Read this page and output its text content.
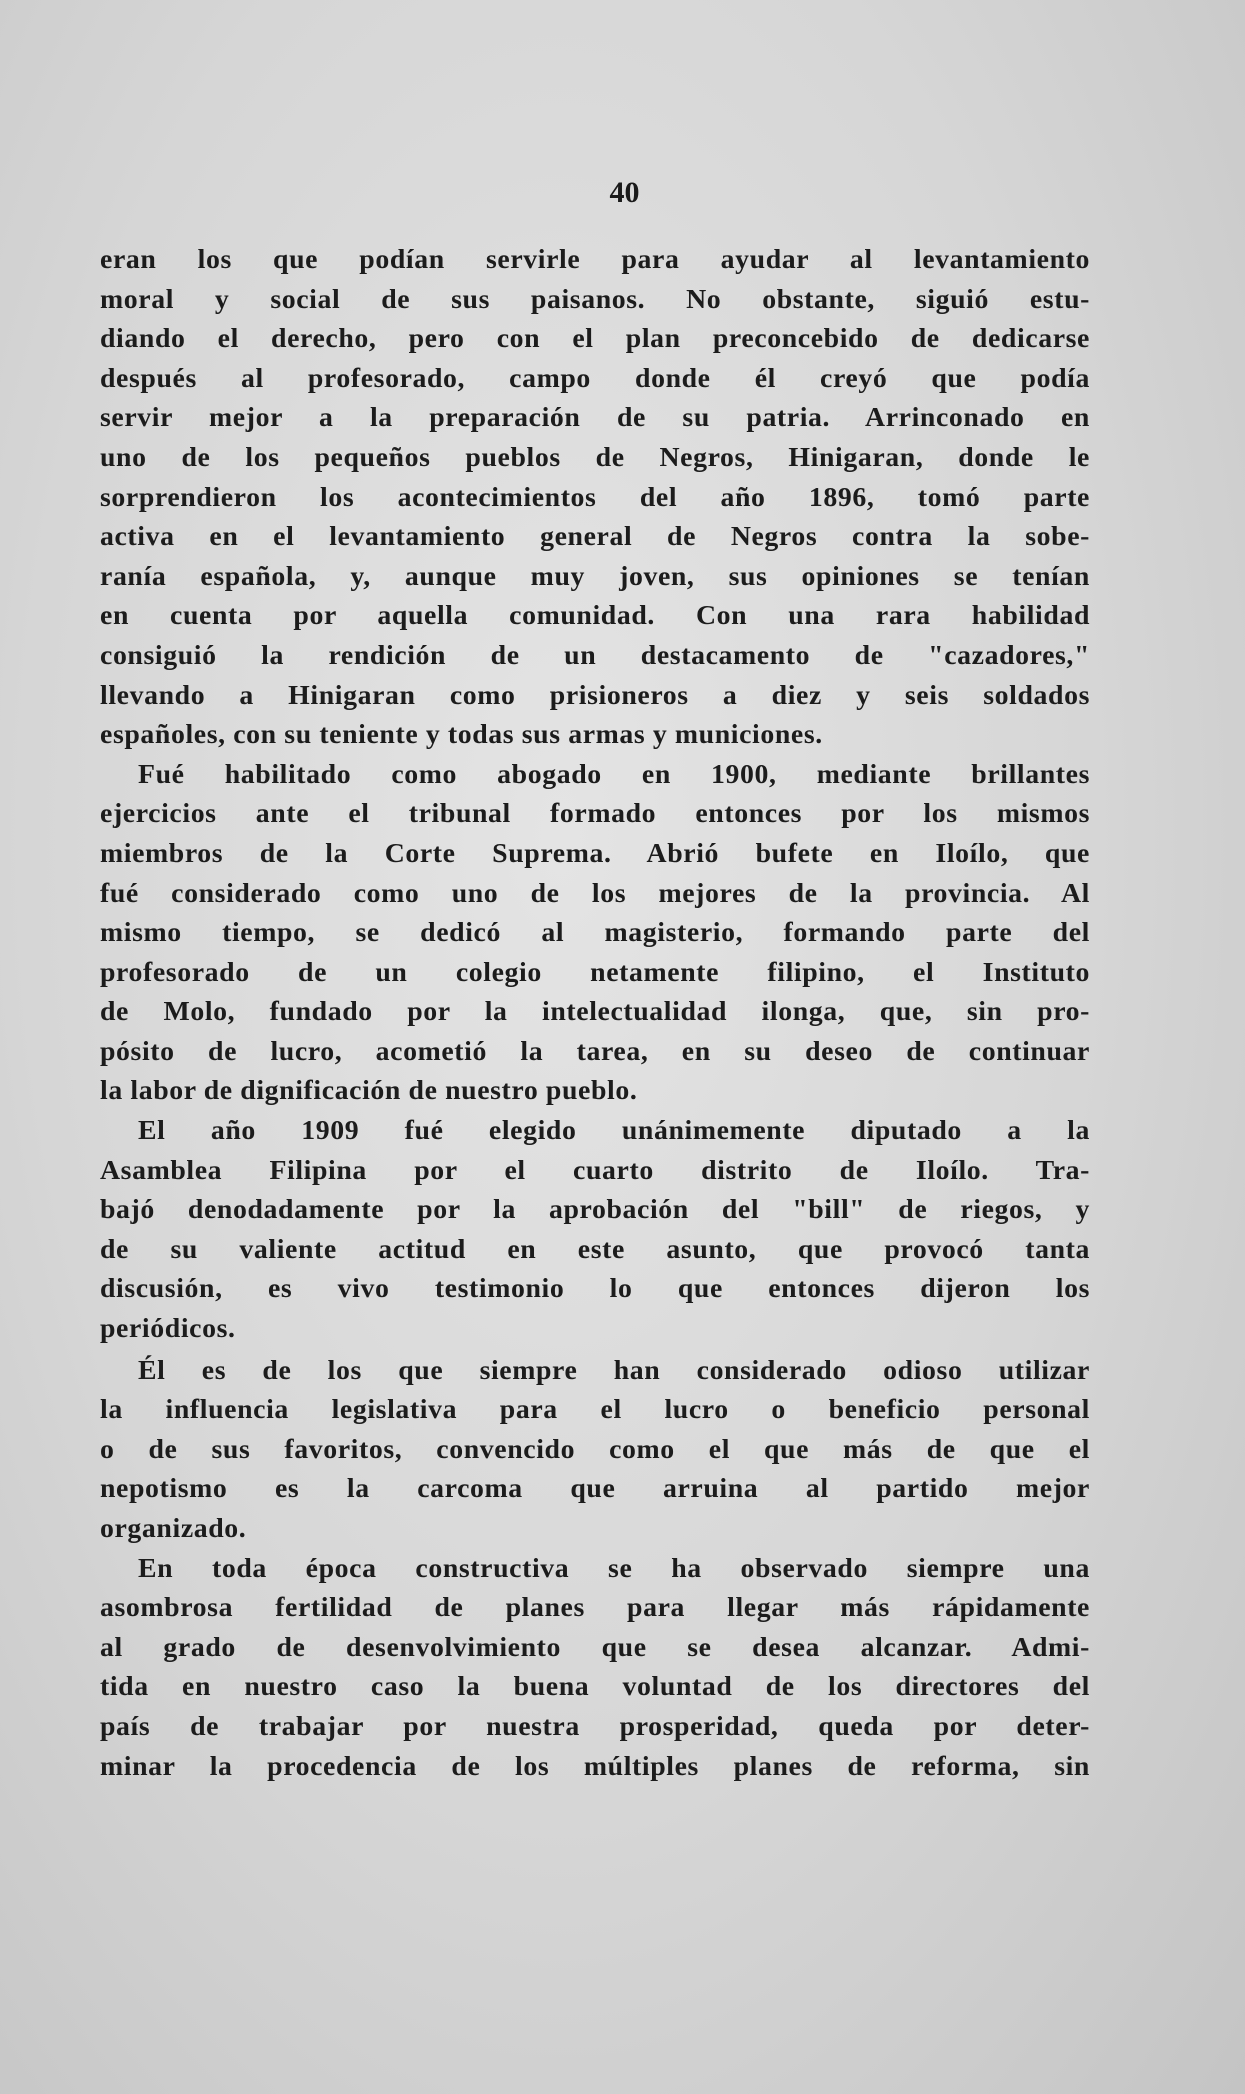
40

eran los que podían servirle para ayudar al levantamiento
moral y social de sus paisanos. No obstante, siguió estu-
diando el derecho, pero con el plan preconcebido de dedicarse
después al profesorado, campo donde él creyó que podía
servir mejor a la preparación de su patria. Arrinconado en
uno de los pequeños pueblos de Negros, Hinigaran, donde le
sorprendieron los acontecimientos del año 1896, tomó parte
activa en el levantamiento general de Negros contra la sobe-
ranía española, y, aunque muy joven, sus opiniones se tenían
en cuenta por aquella comunidad. Con una rara habilidad
consiguió la rendición de un destacamento de "cazadores,"
llevando a Hinigaran como prisioneros a diez y seis soldados
españoles, con su teniente y todas sus armas y municiones.

Fué habilitado como abogado en 1900, mediante brillantes
ejercicios ante el tribunal formado entonces por los mismos
miembros de la Corte Suprema. Abrió bufete en Iloílo, que
fué considerado como uno de los mejores de la provincia. Al
mismo tiempo, se dedicó al magisterio, formando parte del
profesorado de un colegio netamente filipino, el Instituto
de Molo, fundado por la intelectualidad ilonga, que, sin pro-
pósito de lucro, acometió la tarea, en su deseo de continuar
la labor de dignificación de nuestro pueblo.

El año 1909 fué elegido unánimemente diputado a la
Asamblea Filipina por el cuarto distrito de Iloílo. Tra-
bajó denodadamente por la aprobación del "bill" de riegos, y
de su valiente actitud en este asunto, que provocó tanta
discusión, es vivo testimonio lo que entonces dijeron los
periódicos.

Él es de los que siempre han considerado odioso utilizar
la influencia legislativa para el lucro o beneficio personal
o de sus favoritos, convencido como el que más de que el
nepotismo es la carcoma que arruina al partido mejor
organizado.

En toda época constructiva se ha observado siempre una
asombrosa fertilidad de planes para llegar más rápidamente
al grado de desenvolvimiento que se desea alcanzar. Admi-
tida en nuestro caso la buena voluntad de los directores del
país de trabajar por nuestra prosperidad, queda por deter-
minar la procedencia de los múltiples planes de reforma, sin
